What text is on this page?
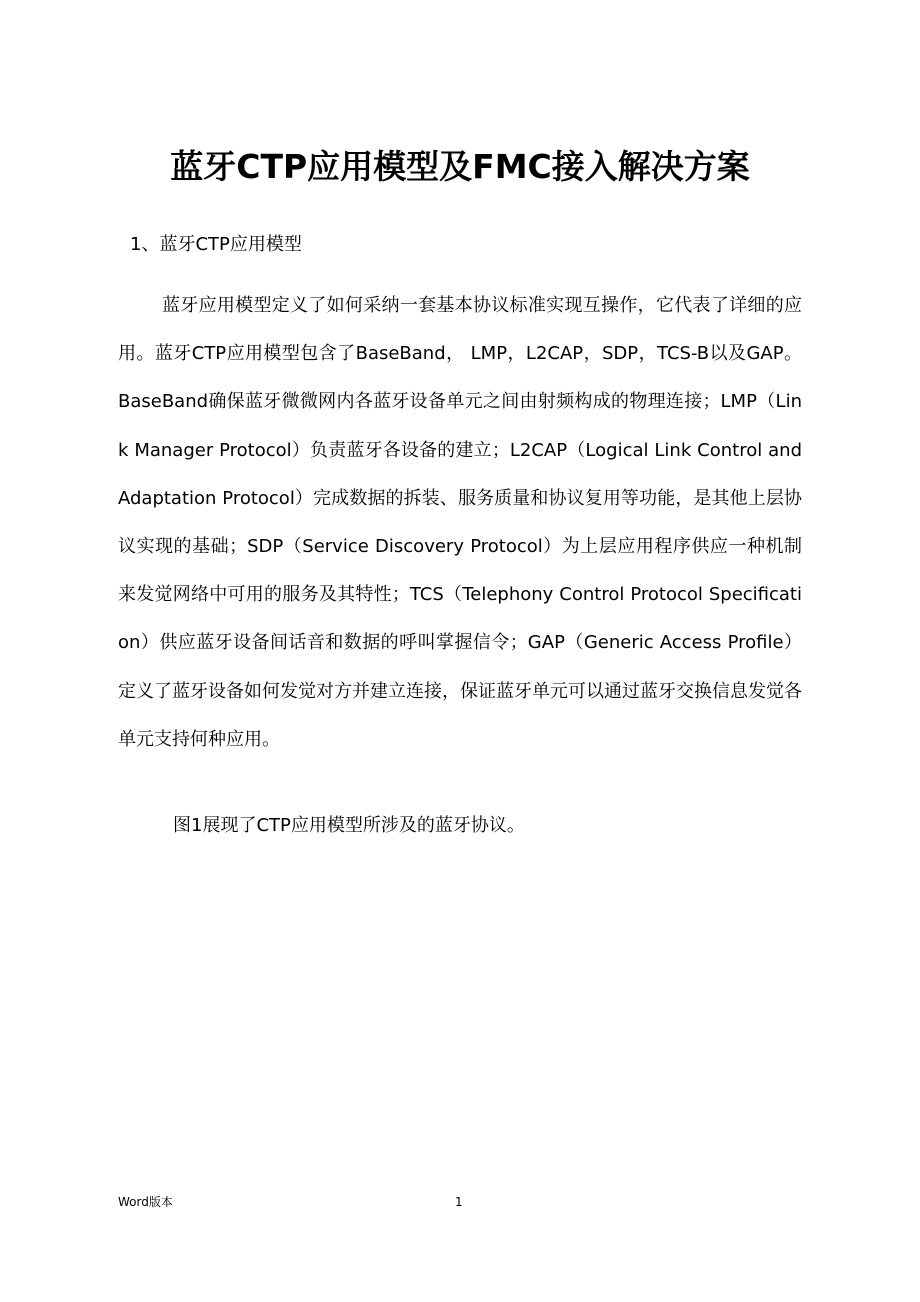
蓝牙CTP应用模型及FMC接入解决方案
1、蓝牙CTP应用模型

蓝牙应用模型定义了如何采纳一套基本协议标准实现互操作，它代表了详细的应用。蓝牙CTP应用模型包含了BaseBand， LMP，L2CAP，SDP，TCS-B以及GAP。BaseBand确保蓝牙微微网内各蓝牙设备单元之间由射频构成的物理连接；LMP（Link Manager Protocol）负责蓝牙各设备的建立；L2CAP（Logical Link Control and Adaptation Protocol）完成数据的拆装、服务质量和协议复用等功能，是其他上层协议实现的基础；SDP（Service Discovery Protocol）为上层应用程序供应一种机制来发觉网络中可用的服务及其特性；TCS（Telephony Control Protocol Specification）供应蓝牙设备间话音和数据的呼叫掌握信令；GAP（Generic Access Profile）定义了蓝牙设备如何发觉对方并建立连接，保证蓝牙单元可以通过蓝牙交换信息发觉各单元支持何种应用。

图1展现了CTP应用模型所涉及的蓝牙协议。

Word版本	1
